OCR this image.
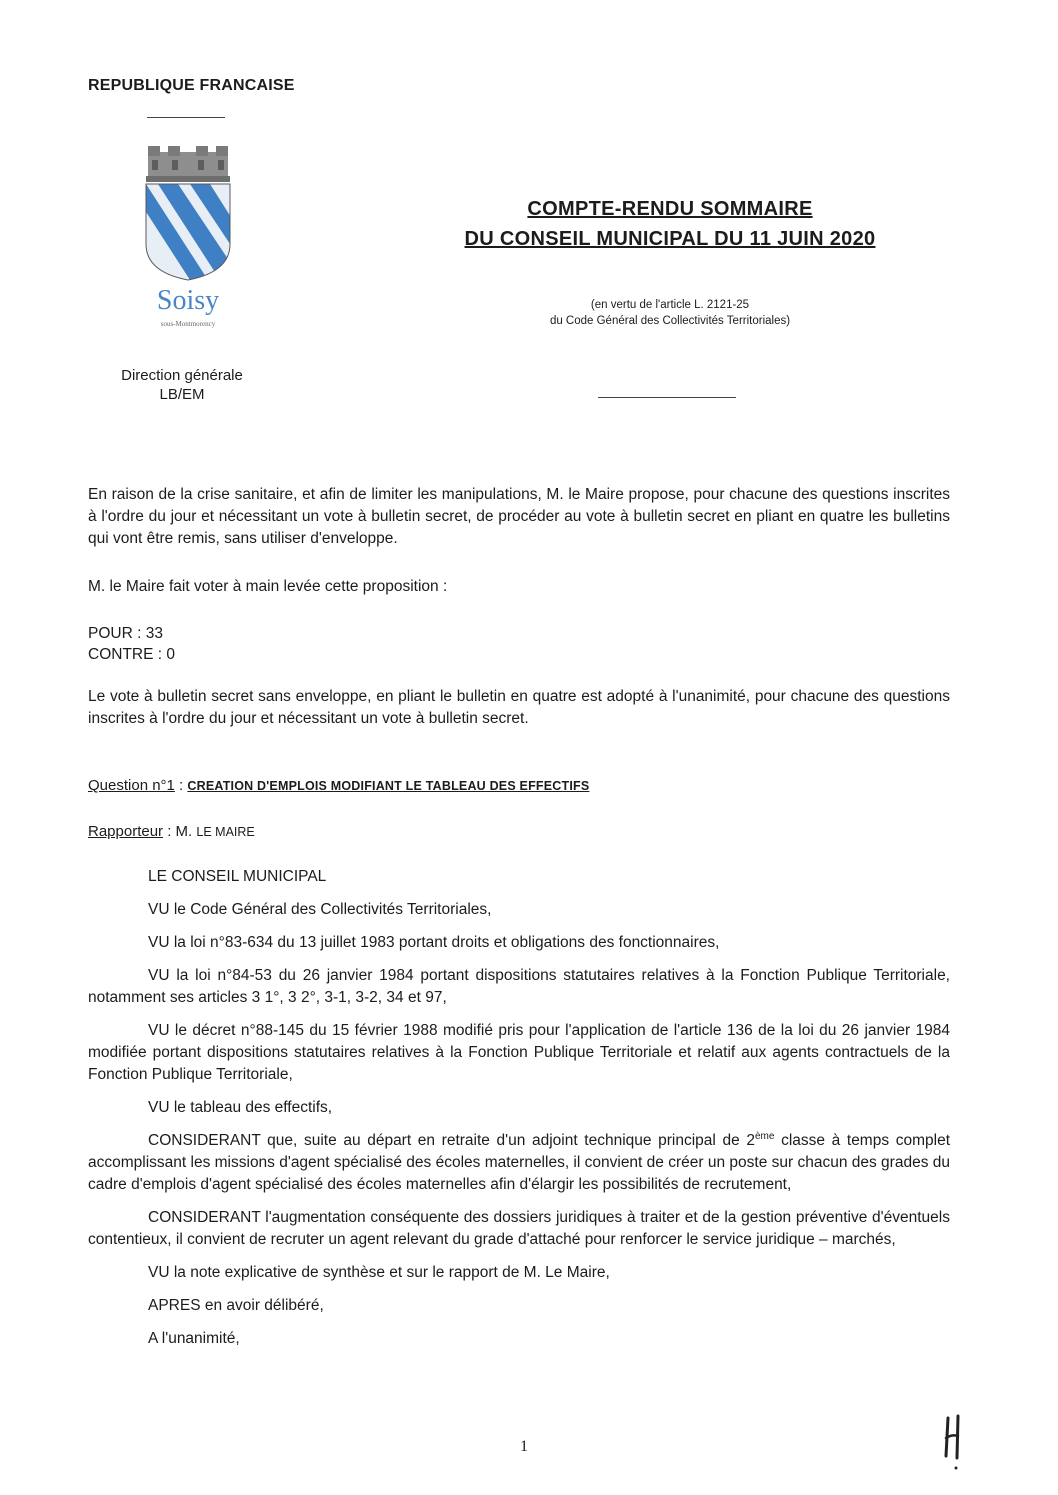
REPUBLIQUE FRANCAISE
Soisy
sous-Montmorency
Direction générale
LB/EM
COMPTE-RENDU SOMMAIRE
DU CONSEIL MUNICIPAL DU 11 JUIN 2020
(en vertu de l'article L. 2121-25
du Code Général des Collectivités Territoriales)
En raison de la crise sanitaire, et afin de limiter les manipulations, M. le Maire propose, pour chacune des questions inscrites à l'ordre du jour et nécessitant un vote à bulletin secret, de procéder au vote à bulletin secret en pliant en quatre les bulletins qui vont être remis, sans utiliser d'enveloppe.
M. le Maire fait voter à main levée cette proposition :
POUR : 33
CONTRE : 0
Le vote à bulletin secret sans enveloppe, en pliant le bulletin en quatre est adopté à l'unanimité, pour chacune des questions inscrites à l'ordre du jour et nécessitant un vote à bulletin secret.
Question n°1 : CREATION D'EMPLOIS MODIFIANT LE TABLEAU DES EFFECTIFS
Rapporteur : M. LE MAIRE

LE CONSEIL MUNICIPAL

VU le Code Général des Collectivités Territoriales,

VU la loi n°83-634 du 13 juillet 1983 portant droits et obligations des fonctionnaires,

VU la loi n°84-53 du 26 janvier 1984 portant dispositions statutaires relatives à la Fonction Publique Territoriale, notamment ses articles 3 1°, 3 2°, 3-1, 3-2, 34 et 97,

VU le décret n°88-145 du 15 février 1988 modifié pris pour l'application de l'article 136 de la loi du 26 janvier 1984 modifiée portant dispositions statutaires relatives à la Fonction Publique Territoriale et relatif aux agents contractuels de la Fonction Publique Territoriale,

VU le tableau des effectifs,

CONSIDERANT que, suite au départ en retraite d'un adjoint technique principal de 2ème classe à temps complet accomplissant les missions d'agent spécialisé des écoles maternelles, il convient de créer un poste sur chacun des grades du cadre d'emplois d'agent spécialisé des écoles maternelles afin d'élargir les possibilités de recrutement,

CONSIDERANT l'augmentation conséquente des dossiers juridiques à traiter et de la gestion préventive d'éventuels contentieux, il convient de recruter un agent relevant du grade d'attaché pour renforcer le service juridique – marchés,

VU la note explicative de synthèse et sur le rapport de M. Le Maire,

APRES en avoir délibéré,

A l'unanimité,

1
